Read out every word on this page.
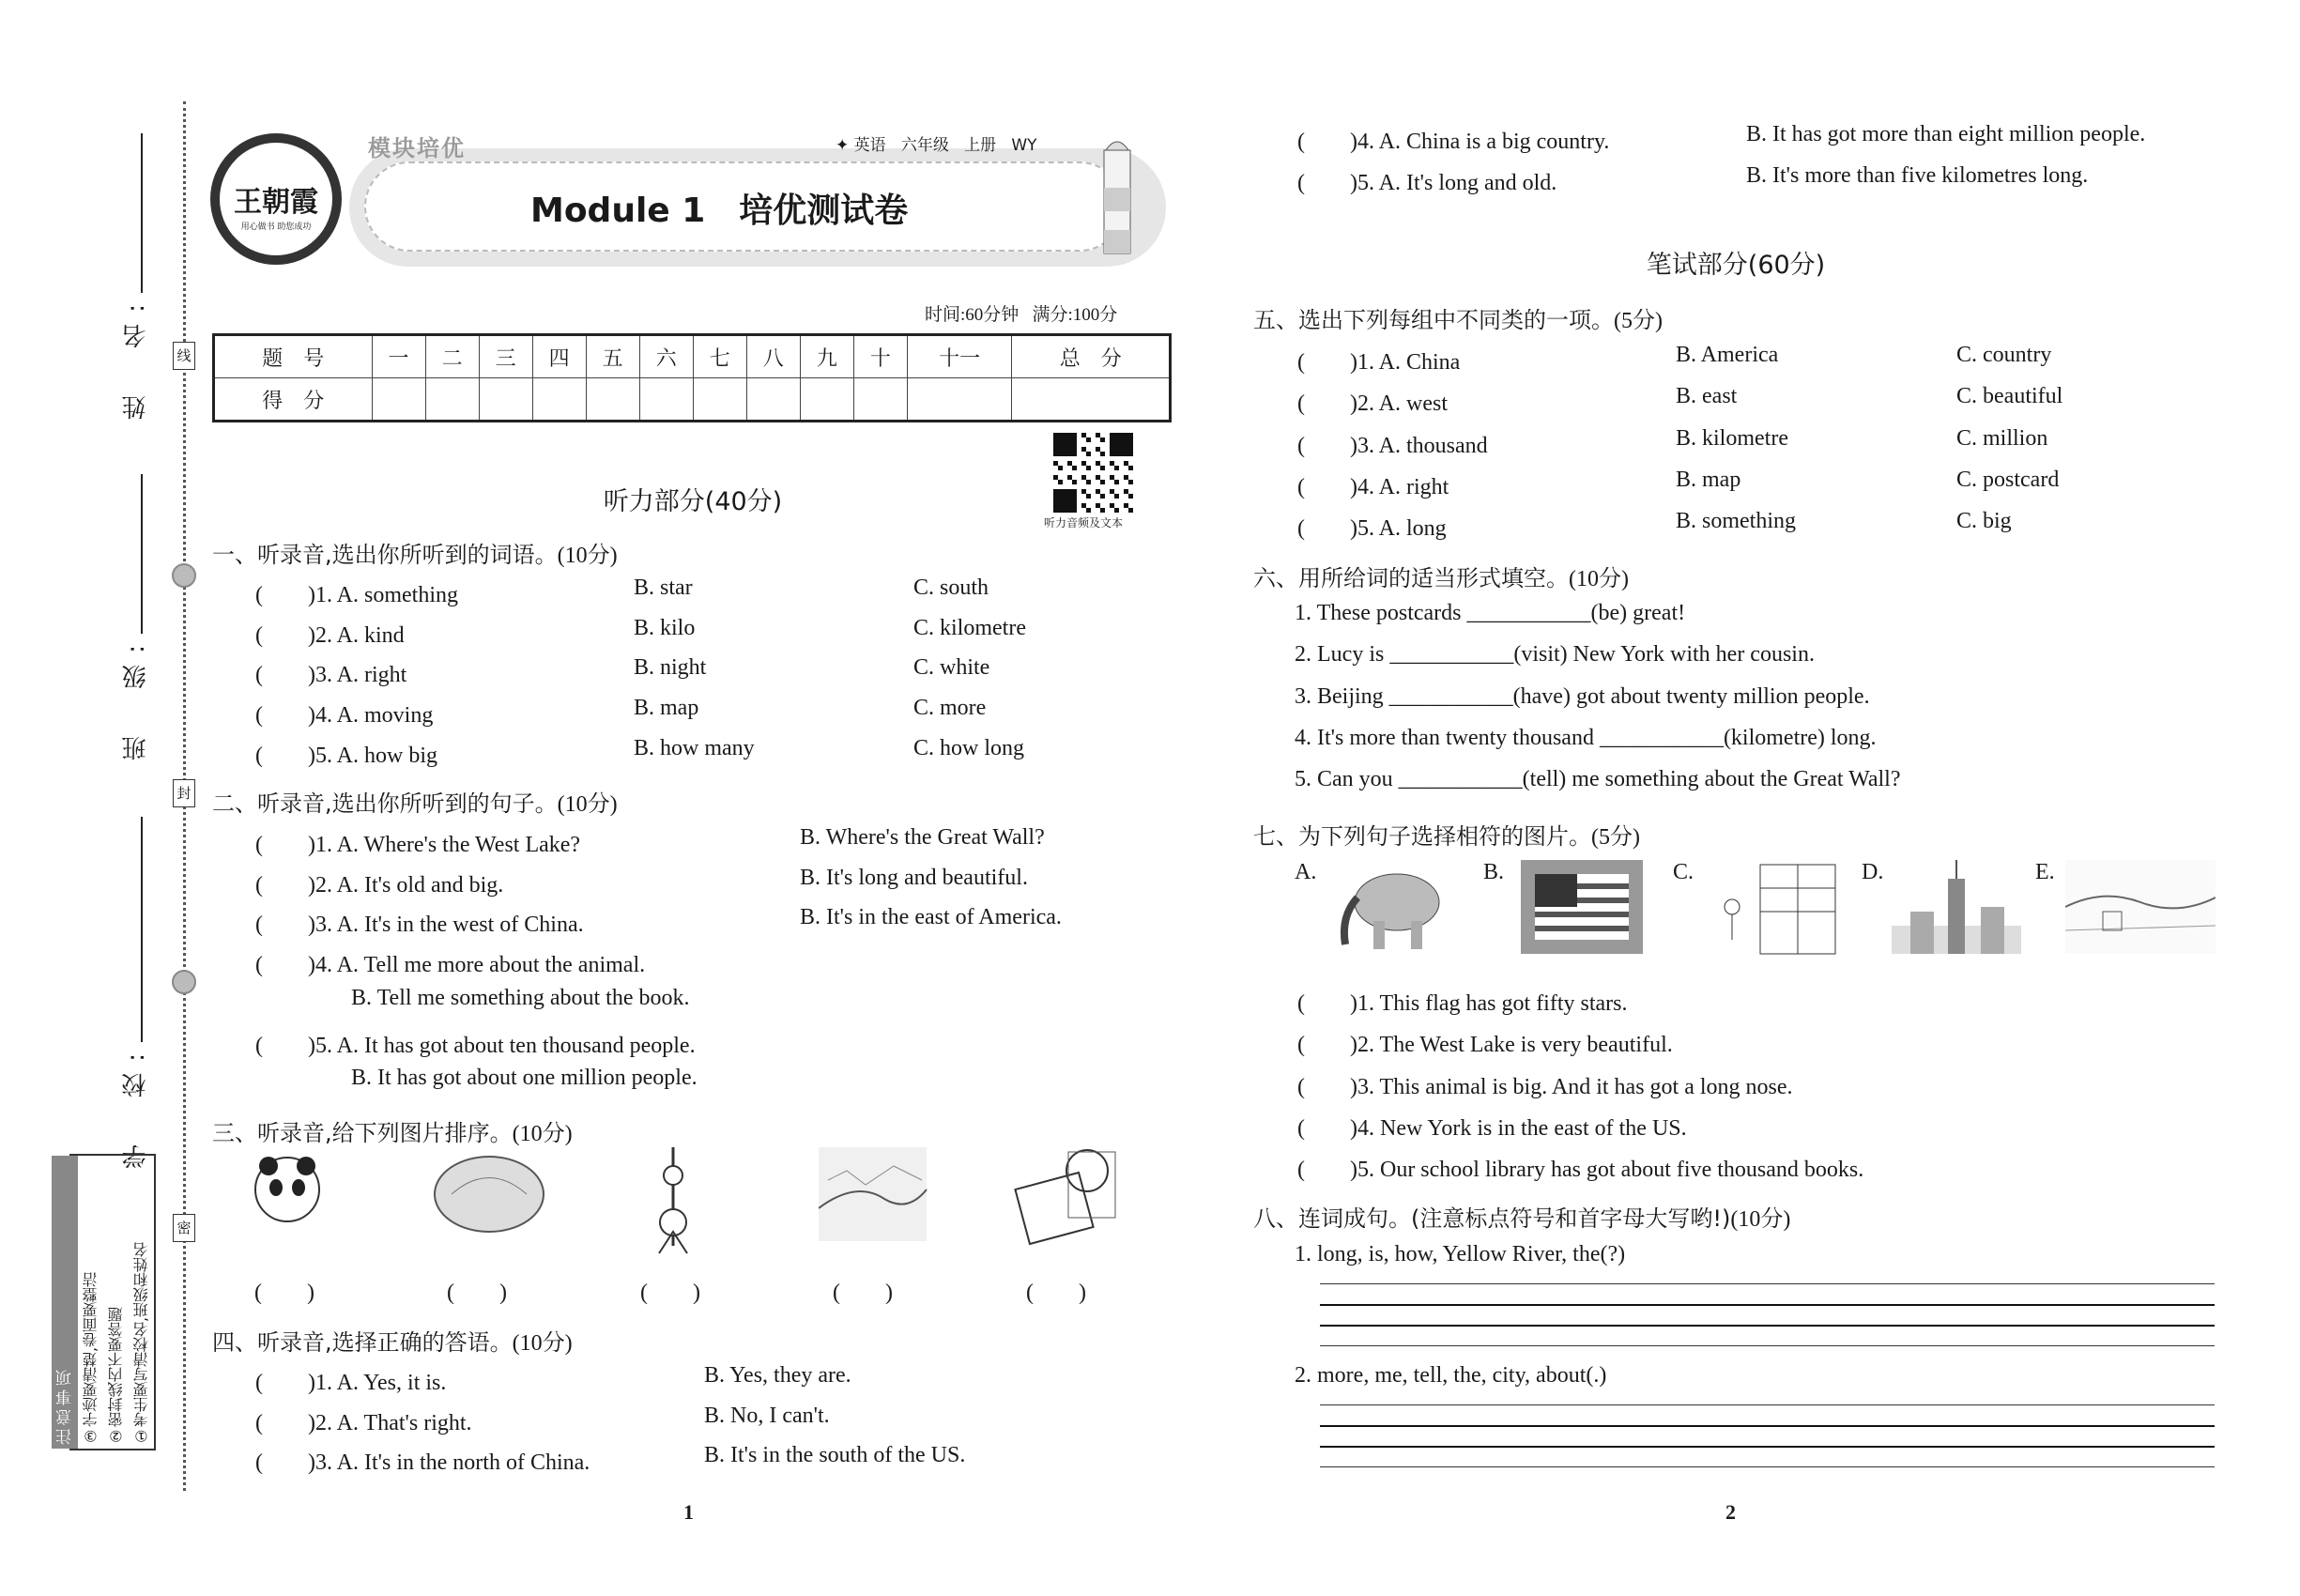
线
封
密
姓　名:
班　级:
学　校:
①考生要写清校名,班级和姓名
②密封线内不要答题
③字迹要清楚,卷面要整洁
注意事项
王朝霞
用心做书 助您成功
模块培优	✦ 英语 六年级 上册 WY
Module 1　培优测试卷
时间:60分钟 满分:100分
题　号	一	二	三	四	五	六	七	八	九	十	十一	总　分
得　分												
听力音频及文本
听力部分(40分)
一、听录音,选出你所听到的词语。(10分)
(　　)1. A. something	B. star	C. south
(　　)2. A. kind	B. kilo	C. kilometre
(　　)3. A. right	B. night	C. white
(　　)4. A. moving	B. map	C. more
(　　)5. A. how big	B. how many	C. how long
二、听录音,选出你所听到的句子。(10分)
(　　)1. A. Where's the West Lake?	B. Where's the Great Wall?
(　　)2. A. It's old and big.	B. It's long and beautiful.
(　　)3. A. It's in the west of China.	B. It's in the east of America.
(　　)4. A. Tell me more about the animal.
B. Tell me something about the book.
(　　)5. A. It has got about ten thousand people.
B. It has got about one million people.
三、听录音,给下列图片排序。(10分)
(　　)	(　　)	(　　)	(　　)	(　　)
四、听录音,选择正确的答语。(10分)
(　　)1. A. Yes, it is.	B. Yes, they are.
(　　)2. A. That's right.	B. No, I can't.
(　　)3. A. It's in the north of China.	B. It's in the south of the US.
(　　)4. A. China is a big country.	B. It has got more than eight million people.
(　　)5. A. It's long and old.	B. It's more than five kilometres long.
五、选出下列每组中不同类的一项。(5分)
(　　)1. A. China	B. America	C. country
(　　)2. A. west	B. east	C. beautiful
(　　)3. A. thousand	B. kilometre	C. million
(　　)4. A. right	B. map	C. postcard
(　　)5. A. long	B. something	C. big
六、用所给词的适当形式填空。(10分)
1. These postcards ___________(be) great!
2. Lucy is ___________(visit) New York with her cousin.
3. Beijing ___________(have) got about twenty million people.
4. It's more than twenty thousand ___________(kilometre) long.
5. Can you ___________(tell) me something about the Great Wall?
七、为下列句子选择相符的图片。(5分)
A.	B.	C.	D.	E.
(　　)1. This flag has got fifty stars.
(　　)2. The West Lake is very beautiful.
(　　)3. This animal is big. And it has got a long nose.
(　　)4. New York is in the east of the US.
(　　)5. Our school library has got about five thousand books.
八、连词成句。(注意标点符号和首字母大写哟!)(10分)
1. long, is, how, Yellow River, the(?)
2. more, me, tell, the, city, about(.)
1	2
笔试部分(60分)
